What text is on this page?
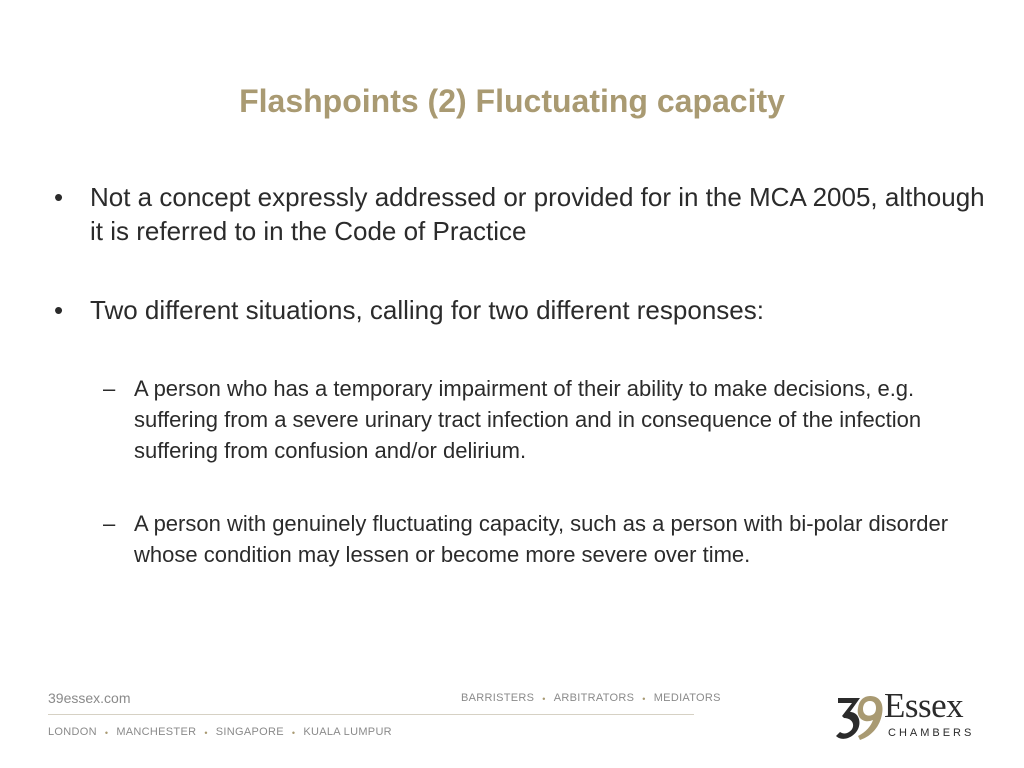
Flashpoints (2) Fluctuating capacity
• Not a concept expressly addressed or provided for in the MCA 2005, although it is referred to in the Code of Practice
• Two different situations, calling for two different responses:
– A person who has a temporary impairment of their ability to make decisions, e.g. suffering from a severe urinary tract infection and in consequence of the infection suffering from confusion and/or delirium.
– A person with genuinely fluctuating capacity, such as a person with bi-polar disorder whose condition may lessen or become more severe over time.
39essex.com	BARRISTERS • ARBITRATORS • MEDIATORS
LONDON • MANCHESTER • SINGAPORE • KUALA LUMPUR
Essex
CHAMBERS
